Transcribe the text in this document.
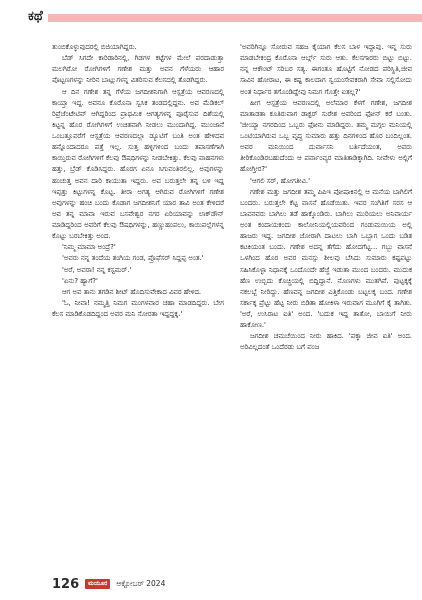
ಕಥೆ

ತುಂಬಿಕೊಳ್ಳುವುದರಲ್ಲಿ ಬಿಜಿಯಾಗಿದ್ದರು.

ಬೆಡ್ ಸಿಗದೇ ಕಾರಿಡಾರಿನಲ್ಲಿ, ಗಿಡಗಳ ಕಟ್ಟೆಗಳ ಮೇಲೆ ಪರದಾಡುತ್ತಾ ಮಲಗಿರೋ ರೋಗಿಗಳಿಗೆ ಗಣೇಶ ಮತ್ತು ಅವನ ಗೆಳೆಯರು ಆಹಾರ ಪೊಟ್ಟಣಗಳನ್ನು ನೀರಿನ ಬಾಟ್ಲುಗಳನ್ನ ವಿತರಿಸುವ ಕೆಲಸದಲ್ಲಿ ತೊಡಗಿದ್ದರು.

ಆ ದಿನ ಗಣೇಶ ತನ್ನ ಗೆಳೆಯ ಜಗದೀಶನಿಗಾಗಿ ಆಸ್ಪತ್ರೆಯ ಆವರಣದಲ್ಲಿ ಕಾಯ್ತಾ ಇದ್ದ. ಅವನೂ ಕೊರೊನಾ ಸ್ವಸಿಕ ತಂಡದಲ್ಲಿದ್ದನು. ಅವ ಮೆಡಿಕಲ್ ರಿಪ್ರೆಜೆಂಟೇಟಿವ್ ಆಗಿದ್ದರಿಂದ ಪ್ರಾಥಮಿಕ ಆಗತ್ಯಗಳನ್ನ ಪೂರೈಸುವ ದಿಶೆಯಲ್ಲಿ ಕಿಟ್ಟನ್ನ ಹೊರ ರೋಗಿಗಳಿಗೆ ಉಚಿತವಾಗಿ ನೀಡಲು ಮುಂದಾಗಿದ್ದ. ಮುಂಜಾನೆ ಒಂಬತ್ತೂವರೆಗೆ ಆಸ್ಪತ್ರೆಯ ಆವರಣದಲ್ಲಾ ಡ್ಯೂಟಿಗೆ ಬಂತಿ ಅಂತ ಹೇಳಿದವ ಹನ್ನೊಂದಾದರೂ ಪತ್ತೆ ಇಲ್ಲ. ಸುತ್ತ ಹಳ್ಳಿಗಳಿಂದ ಬಂದು ತಪಾಸಣೆಗಾಗಿ ಕಾಯ್ತಿರುವ ರೋಗಿಗಳಿಗೆ ಕೆಲವು ಔಷಧಿಗಳನ್ನು ನೀಡಬೇಕಿತ್ತು. ಕೆಲವು ವಾಹನಗಳು ಹತ್ತು, ಬ್ರೆಡ್ ಕೊಡಿಸಿದ್ದರು. ಹೊರಗ ಏನೂ ಸಿಗುವಂತಿರಲಿಲ್ಲ. ಅವುಗಳನ್ನು ಹಂಚುತ್ತ ಅವನ ದಾರಿ ಕಾಯುತಾ ಇದ್ದರು. ಅವ ಬರುತ್ತಲೇ ತನ್ನ ಬಳಿ ಇದ್ದ ಇಪ್ಪತ್ತು ಕಿಟ್ಟುಗಳನ್ನ ಕೊಟ್ಟ. ತೀರಾ ಅಗತ್ಯ ಆಗಿರುವ ರೋಗಿಗಳಿಗೆ ಗಣೇಶ ಅವುಗಳನ್ನು ಹಂಚಿ ಬಂದು ಕೊಡಾಗ ಜಗದೀಶನಿಗೆ ಯಾರ ತಾವಿ ಅಂತ ಕೇಳಿದರೆ ಅವ ತನ್ನ ಮಾವಾ ಇರುವ ಬಸವೇಶ್ವರ ನಗರ ಏರಿಯಾವನ್ನು ಲಾಕ್‌ಡೌನ್ ಮಾಡಿದ್ದರಿಂದ ಅವರಿಗೆ ಕೆಲವು ಔಷಧಿಗಳನ್ನು, ಹಣ್ಣುಹಂಪಲು, ಕಾಯಿಪಲ್ಲೆಗಳನ್ನ ಕೊಟ್ಟು ಬರಬೇಕಿತ್ತು ಅಂದ.

'ನಿಮ್ಮ ಮಾಮಾ ಅಂದ್ರೆ?'

'ಅವರು ನನ್ನ ತಂದೆಯ ತಂಗಿಯ ಗಂಡ, ಪ್ರೊಫೆಸರ್ ಸಿದ್ದಪ್ಪ ಅಂತ.'

'ಅರೆ, ಅವರಾ! ನನ್ನ ಕಸ್ಟಮರ್.'

'ಏನು? ಹ್ಯಾಗೆ?'

ಆಗ ಅವ ತಾನು ತಗಡಿನ ಶೀಟ್ ಹೊದಿಸುವೇಕಾದ ವಿವರ ಹೇಳಿದ.

'ಓ, ನೀವಾ! ನಮ್ಮತ್ತಿ ನಿಮಗ ಮಂಗಳವಾರ ಚಹಾ ಮಾಡದಿದ್ದರು. ಬೇಗ ಕೆಲಸ ಮಾಡಿಕೊಡದಿದ್ದಂದ ಅವರ ಮನಿ ಸೋರತಾ ಇದ್ದದ್ದಕ್ಕ.'

'ಅವರಿಗಿನ್ನೂ ಸೋರುವ ಸಹಜ ಕೈಯಾಗ ಕೆಲಸ ಬಾಳ ಇದ್ದಾವು. ಇನ್ನ ಸುರು ಮಾಡಬೇಕಂದ್ರ ಕೊರೊನಾ ಆರ್ಬ್ಗ್ ಸುರು ಆತು. ಕೆಲಸಗಾರರು ಬಿಟ್ಟು ಬಿಟ್ಟು. ನನ್ನ ಆಕೌಂಟ್ ಸರಿಬರ ಸತ್ಯ. ಈಗಂತೂ ಹೊಟ್ಟಿಗೆ ನೋಡದ ಪರಿಸ್ಥಿತಿ,ಜೀವ ಸಾವಿನ ಹೋರಾಟ, ಈ ಕಷ್ಟ ಕಾಲದಾಗ ಸ್ವಯಂಸೇವಕರಾಗಿ ಸೇವಾ ಸಲ್ಲಿಸೋದು ಅಂತ ನಿರ್ಧಾರ ತಗೊಂಡಿದ್ದೇವು ನಿಮಗ ಗೊತ್ತೇ ಐತಲ್ಲ?'

ಹೀಗ ಆಸ್ಪತ್ರೆಯ ಆವರಣದಲ್ಲಿ ಅಲೆಮಾರ ಕೆಳಗೆ ಗಣೇಶ, ಜಗದೀಶ ಮಾತಾಡತಾ ಕೂತಿರುವಾಗ ಡಾಕ್ಟರ್ ಸುರೇಶ ಅವರಿಂದ ಫೋನ್ ಕರೆ ಬಂತು. 'ಜೀಯ್ಯಾ ನಗರದಿಂದ ಒಬ್ಬರು ಫೋನು ಮಾಡಿದ್ದರು. ತಮ್ಮ ಮಗ್ಗಲ ಮನಿಯಲ್ಲಿ ಒಂಟಿಯಾಗಿರುವ ಒಬ್ಬ ವೃದ್ಧ ಸುಮಾರು ಹತ್ತು ದಿನಗಳಿಂದ ಹೊರ ಬಂದಿಲ್ಲಂತ. ಅವರ ಮನಿಯಿಂದ ದುರ್ವಾಸನಿ ಬರ್ತಿದೆಯಂತ, ಅವರು ತೀರಿಕೊಂಡಿರಬಹುದೆಂದು ಆ ಪರ್ವಾಂವ್ಯರ ಮಾತಿತಾಡಿಕ್ಕಾಗಿದಿ. ನೀವೇಳು ಅಲ್ಲಿಗೆ ಹೋಗ್ತೀರ?'

'ಆಗಲಿ ಸರ್, ಹೋಗತೀವಿ.'

ಗಣೇಶ ಮತ್ತು ಜಗದೀಶ ತಮ್ಮ ಪಿಪಿಇ ಪೋಷಾಕಿನಲ್ಲಿ ಆ ಮನೆಯ ಬಾಗಿಲಿಗೆ ಬಂದರು. ಬರುತ್ತಲೇ ಕೆಟ್ಟ ವಾಸನೆ ಹೊಡೆಯಿತು. ಇವರ ಸಂಗಿತಿಗೆ ಸರಸ ಆ ಬಾವನವರು ಬಾಗಿಲು ತಡೆ ಹಾಕ್ಕೊಂಡಿರು. ಬಾಗಿಲು ಮುರಿಯಲು ಅನಿವಾರ್ಯ ಅಂತ ಕಂದಾಯಕಂದು ಕಾಲೋನಿಯಲ್ಲಿಯವರಿಂದ ಗಂಡುಮಯಿಯ ಅಲ್ಲಿ ಹಾಜರು ಇದ್ದ. ಜಗದೀಶ ಜೋರಾಗಿ ದಾಟಲು ಬಾಗಿ ಒಬ್ಬಾಗ ಒಂದು ಬಡಿತ ಕಟಕಿಯಂತ ಬಂದು. ಗಣೇಶ ಅದನ್ನ ತೆಗೆದು ಹೋದಗೆಟ್ಟ... ಗಬ್ಬು ವಾಸನೆ ಒಳಗಿಂದ ಹೊರ ಅವರ ಮನಸ್ಸು ಶೀಲವು ಬೆಸಿದು ಸುಮಾರು ಕಷ್ಟಪಟ್ಟು ಸಹಿಸಿಕೊಳ್ಳಾ ನಿಧಾನಕ್ಕೆ ಒಂದೊಂದೇ ಹೆಜ್ಜೆ ಇಡುತಾ ಮುಂದ ಬಂದರು. ಮುದುಕ ಹೆಣ ಉಬ್ಬಿದು ಕೊಚ್ಚಿಯಲ್ಲಿ ಬಿದ್ದಿದ್ದಾನೆ. ನೊಣಗಳು ಮುತಗಿವೆ. ಪುಟ್ಟಕ್ಕಕ್ಕೆ ನಕಲಬ್ಬೆ ನೀರಿದ್ದು. ಹೆಣವನ್ನ ಜಗದೀಶ ಎತ್ತಿಕೊಂಡು ಬಟ್ಟಲಕ್ಕ ಬಂದ. ಗಣೇಶ ಸರ್ಕಾಕ್ಕ ಪ್ರೆಟ್ಟು ಹೆಟ್ಟ ನೀರು ಬಿಡಿತಾ ಹೋಕಿಳಾ ಇರುವಾಗ ಮೂಗಿಗೆ ಕೈ ತಾಗಿತು. 'ಅರೆ, ಉಸಿರಾಟ ಐತಿ' ಅಂದ. 'ಬದುಕ ಇದ್ದ ತಾತೋ, ಬಾಯಿಗೆ ನೀರು ಹಾಕೋಣ.'

ಜಗದೀಶ ಚಮಚೆಯಿಂದ ನೀರು ಹಾಕಿದ. 'ಪಕ್ಕಾ ಜೀವ ಐತಿ' ಅಂದ. ಅರಿವಿಲ್ಲದಂತೆ ಒಂದೆರಡು ಬಗೆ ಪಂಜ

126	ಮಯೂರ	ಆಕ್ಟೋಬರ್ 2024
